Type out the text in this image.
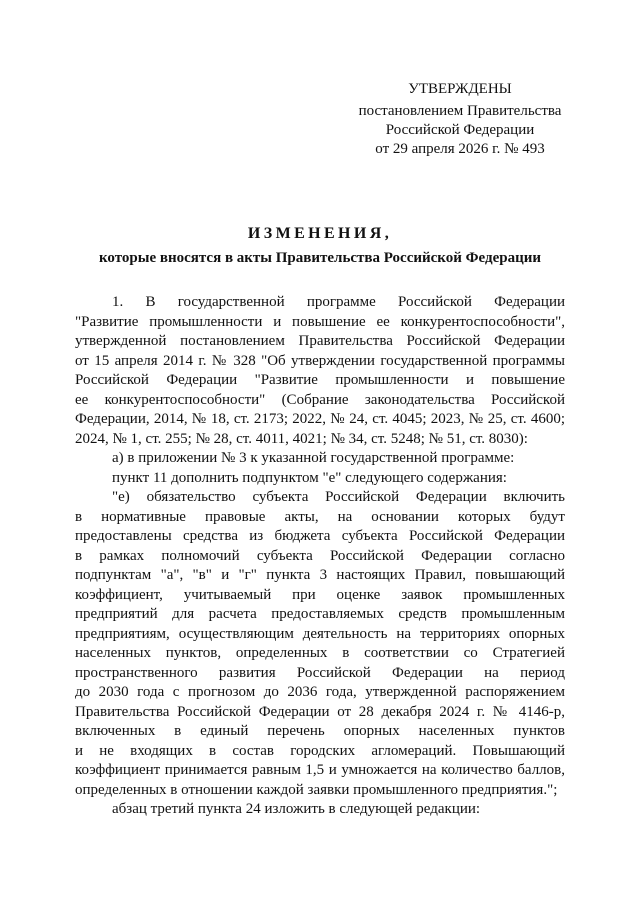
УТВЕРЖДЕНЫ
постановлением Правительства
Российской Федерации
от 29 апреля 2026 г. № 493
ИЗМЕНЕНИЯ,
которые вносятся в акты Правительства Российской Федерации
1. В государственной программе Российской Федерации
"Развитие промышленности и повышение ее конкурентоспособности",
утвержденной постановлением Правительства Российской Федерации
от 15 апреля 2014 г. № 328 "Об утверждении государственной программы
Российской Федерации "Развитие промышленности и повышение
ее конкурентоспособности" (Собрание законодательства Российской
Федерации, 2014, № 18, ст. 2173; 2022, № 24, ст. 4045; 2023, № 25, ст. 4600;
2024, № 1, ст. 255; № 28, ст. 4011, 4021; № 34, ст. 5248; № 51, ст. 8030):
а) в приложении № 3 к указанной государственной программе:
пункт 11 дополнить подпунктом "е" следующего содержания:
"е) обязательство субъекта Российской Федерации включить
в нормативные правовые акты, на основании которых будут
предоставлены средства из бюджета субъекта Российской Федерации
в рамках полномочий субъекта Российской Федерации согласно
подпунктам "а", "в" и "г" пункта 3 настоящих Правил, повышающий
коэффициент, учитываемый при оценке заявок промышленных
предприятий для расчета предоставляемых средств промышленным
предприятиям, осуществляющим деятельность на территориях опорных
населенных пунктов, определенных в соответствии со Стратегией
пространственного развития Российской Федерации на период
до 2030 года с прогнозом до 2036 года, утвержденной распоряжением
Правительства Российской Федерации от 28 декабря 2024 г. № 4146-р,
включенных в единый перечень опорных населенных пунктов
и не входящих в состав городских агломераций. Повышающий
коэффициент принимается равным 1,5 и умножается на количество баллов,
определенных в отношении каждой заявки промышленного предприятия.";
абзац третий пункта 24 изложить в следующей редакции:
